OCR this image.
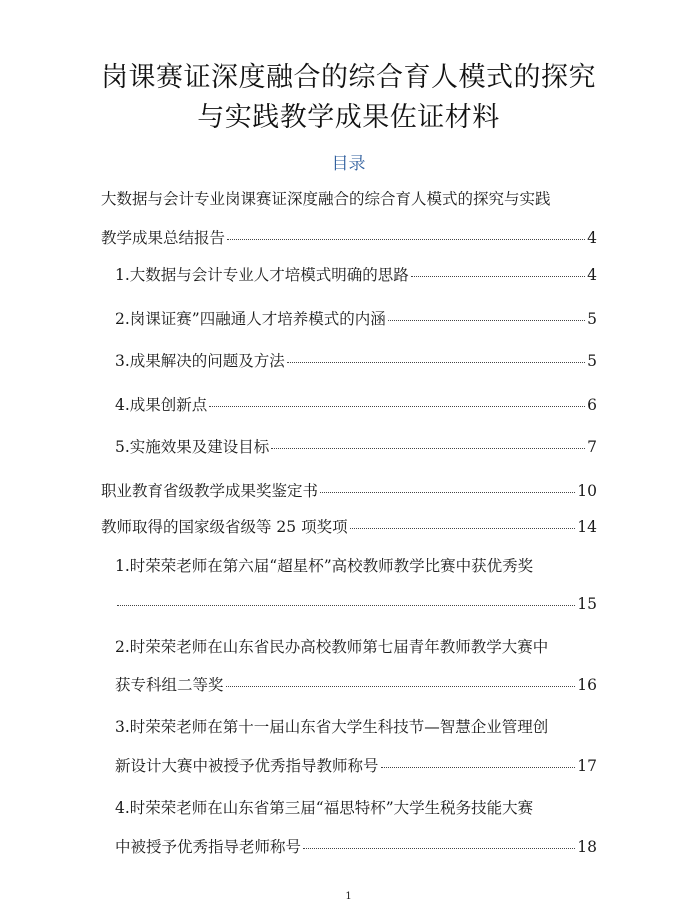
岗课赛证深度融合的综合育人模式的探究
与实践教学成果佐证材料
目录
大数据与会计专业岗课赛证深度融合的综合育人模式的探究与实践
教学成果总结报告	4
1.大数据与会计专业人才培模式明确的思路	4
2.岗课证赛”四融通人才培养模式的内涵	5
3.成果解决的问题及方法	5
4.成果创新点	6
5.实施效果及建设目标	7
职业教育省级教学成果奖鉴定书	10
教师取得的国家级省级等 25 项奖项	14
1.时荣荣老师在第六届“超星杯”高校教师教学比赛中获优秀奖
15
2.时荣荣老师在山东省民办高校教师第七届青年教师教学大赛中
获专科组二等奖	16
3.时荣荣老师在第十一届山东省大学生科技节—智慧企业管理创
新设计大赛中被授予优秀指导教师称号	17
4.时荣荣老师在山东省第三届“福思特杯”大学生税务技能大赛
中被授予优秀指导老师称号	18
1
